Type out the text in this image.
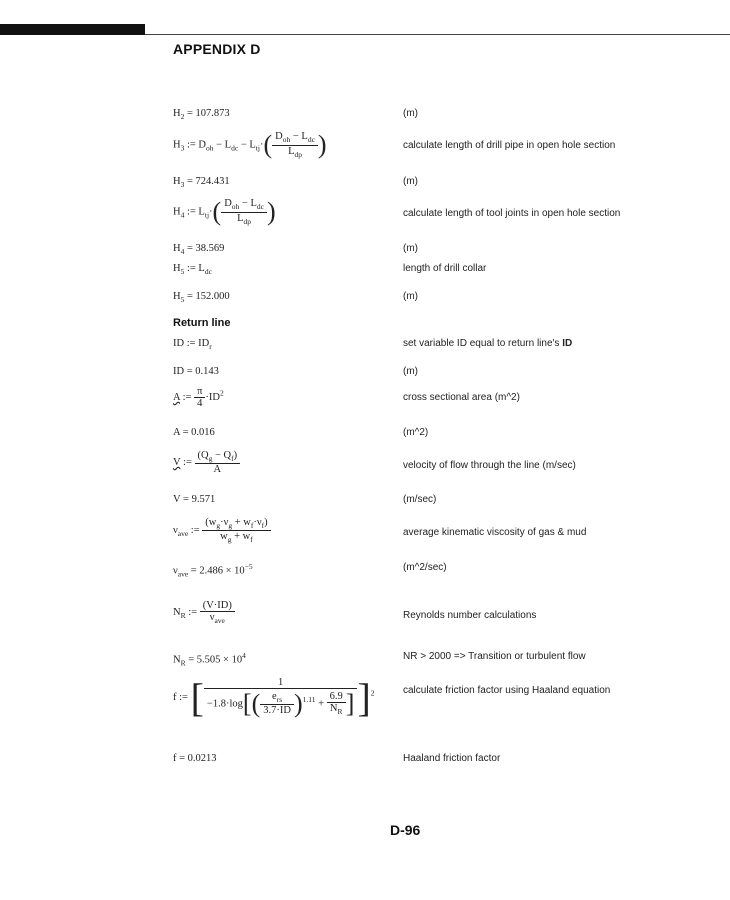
APPENDIX D
$H_2 = 107.873$	(m)
$H_3$ := $D_{oh} - L_{dc} - L_{tj}\cdot( \frac{D_{oh} - L_{dc}}{L_{dp}}$ )	calculate length of drill pipe in open hole section
$H_3 = 724.431$	(m)
$H_4$ := $L_{tj}\cdot( \frac{D_{oh} - L_{dc}}{L_{dp}}$ )	calculate length of tool joints in open hole section
$H_4 = 38.569$	(m)
$H_5$ := $L_{dc}$	length of drill collar
$H_5 = 152.000$	(m)
Return line
ID := $ID_r$	set variable ID equal to return line's ID
ID = 0.143	(m)
A := $\frac{\pi}{4} \cdot ID^2$	cross sectional area (m^2)
A = 0.016	(m^2)
V := $\frac{(Q_g - Q_f)}{A}$	velocity of flow through the line (m/sec)
V = 9.571	(m/sec)
$\nu_{ave}$ := $\frac{(w_g\cdot\nu_g + w_f\cdot\nu_f)}{w_g + w_f}$	average kinematic viscosity of gas & mud
$\nu_{ave} = 2.486 \times 10^{-5}$	(m^2/sec)
$N_R$ := $\frac{(V\cdot ID)}{\nu_{ave}}$	Reynolds number calculations
$N_R = 5.505 \times 10^4$	NR > 2000 => Transition or turbulent flow
f := [ $\frac{1}{-1.8\cdot\log[( \frac{e_{rs}}{3.7\cdot ID} )^{1.11} + \frac{6.9}{N_R} ]} ]^2$	calculate friction factor using Haaland equation
f = 0.0213	Haaland friction factor
D-96
